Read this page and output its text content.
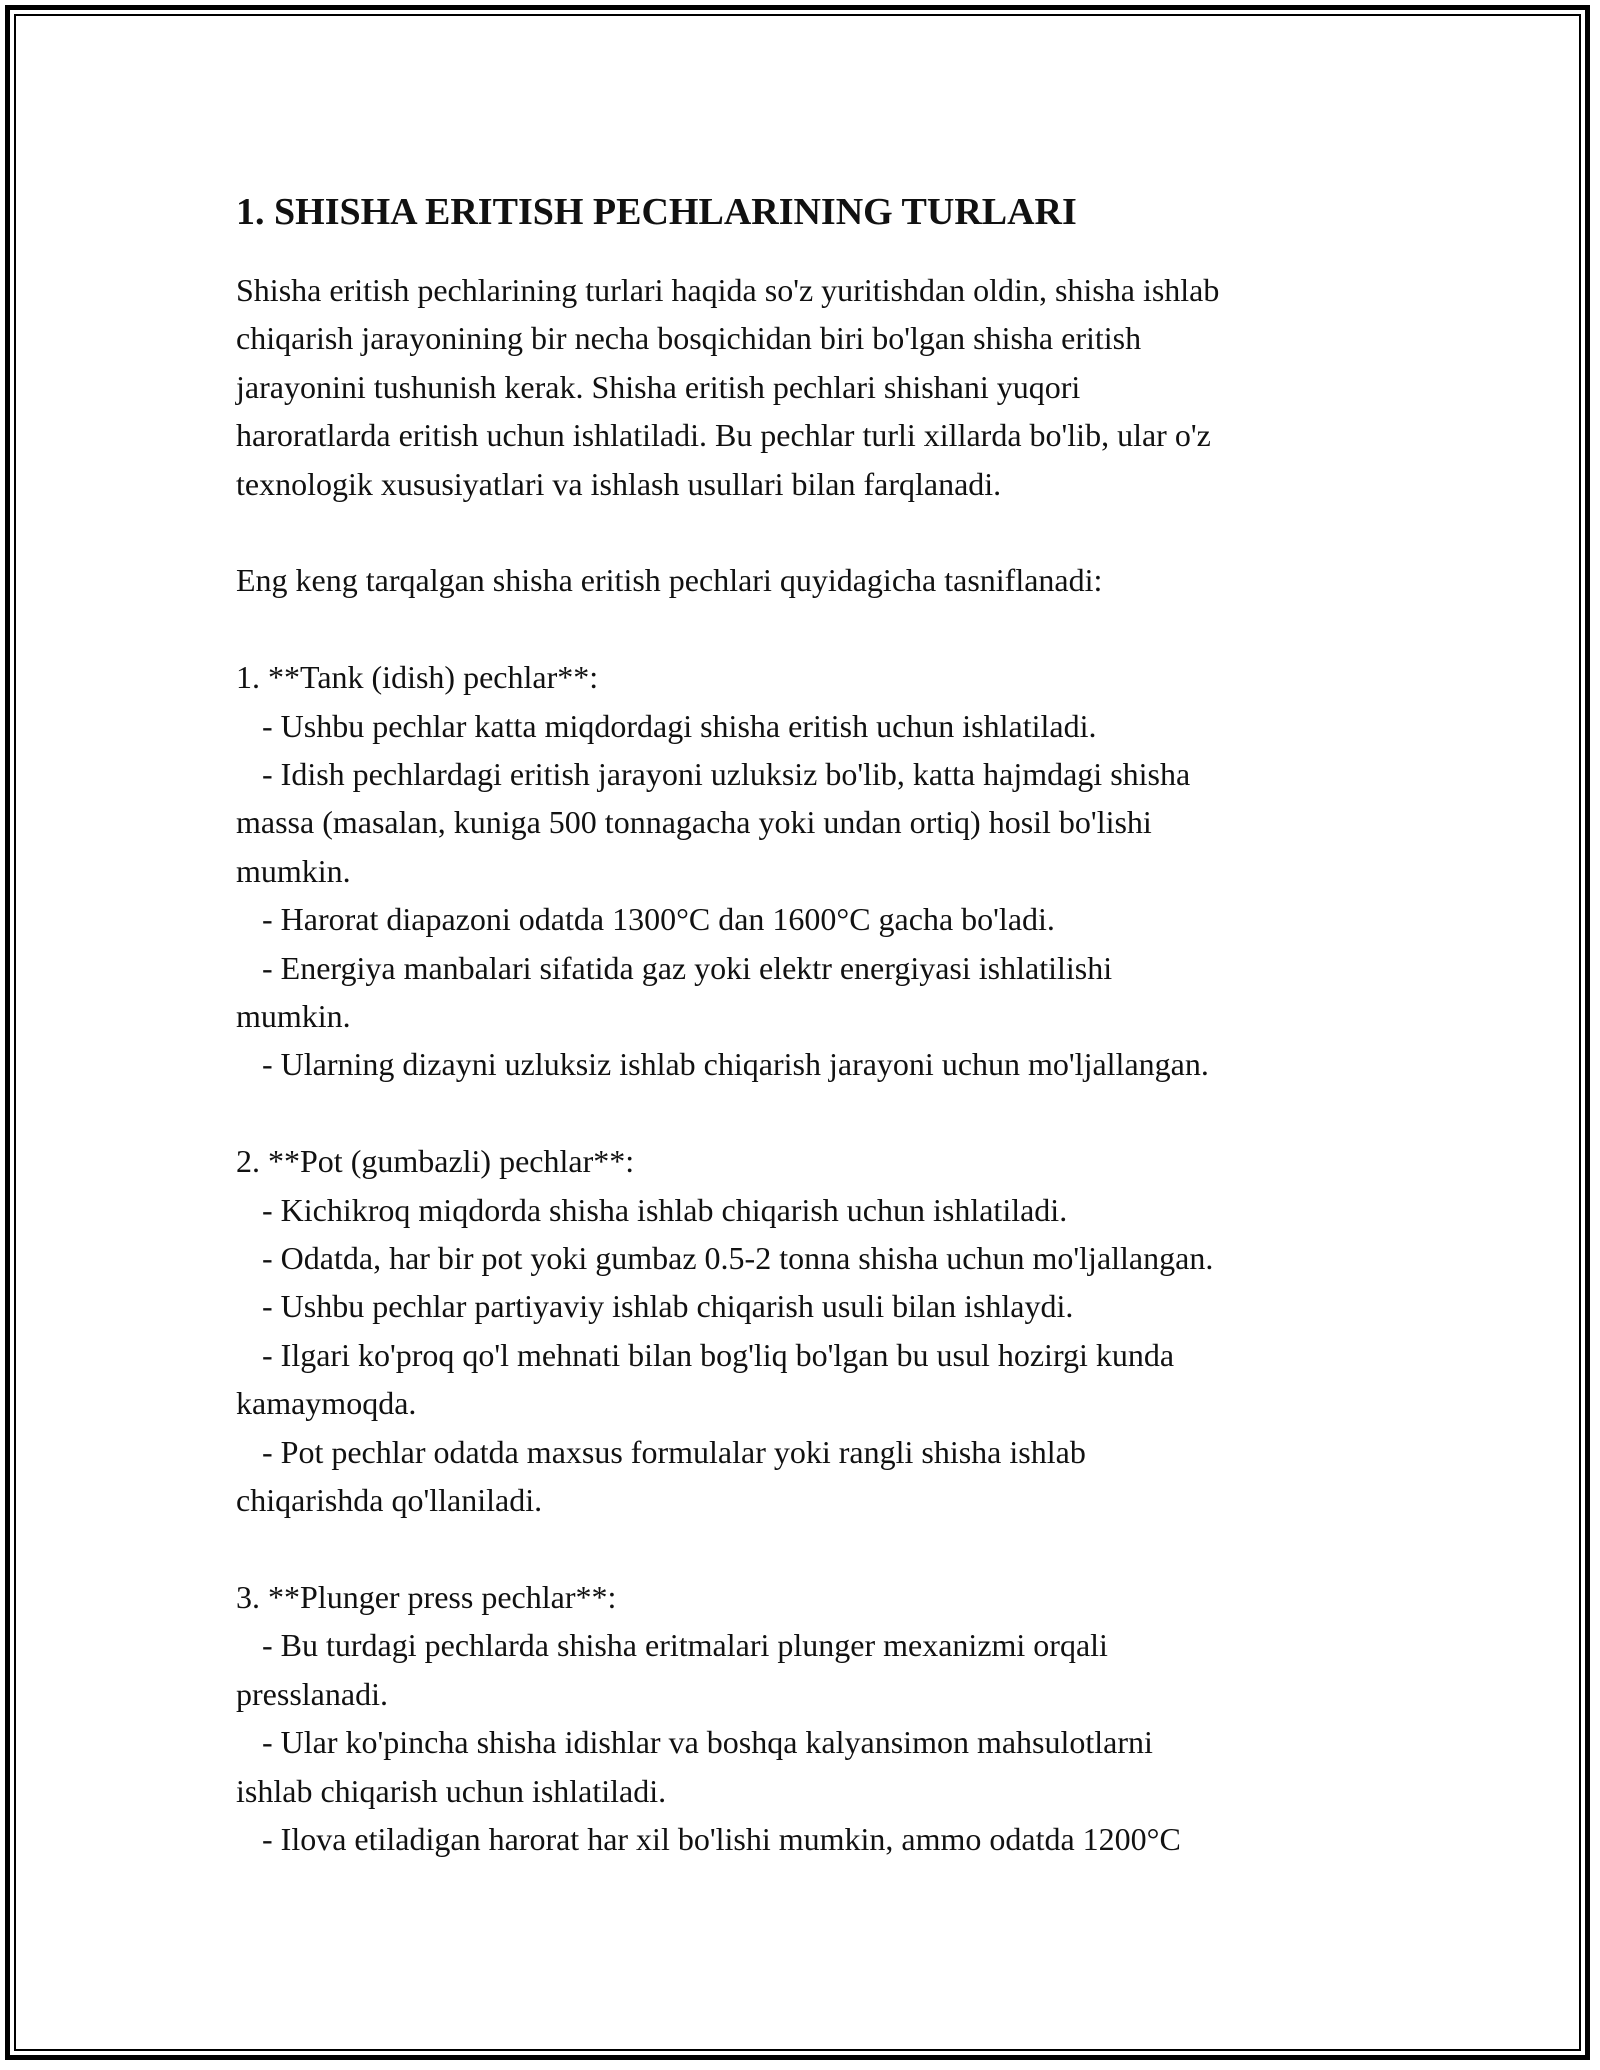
1. SHISHA ERITISH PECHLARINING TURLARI

Shisha eritish pechlarining turlari haqida so'z yuritishdan oldin, shisha ishlab

chiqarish jarayonining bir necha bosqichidan biri bo'lgan shisha eritish

jarayonini tushunish kerak. Shisha eritish pechlari shishani yuqori

haroratlarda eritish uchun ishlatiladi. Bu pechlar turli xillarda bo'lib, ular o'z

texnologik xususiyatlari va ishlash usullari bilan farqlanadi.

Eng keng tarqalgan shisha eritish pechlari quyidagicha tasniflanadi:

1. **Tank (idish) pechlar**:

- Ushbu pechlar katta miqdordagi shisha eritish uchun ishlatiladi.

- Idish pechlardagi eritish jarayoni uzluksiz bo'lib, katta hajmdagi shisha

massa (masalan, kuniga 500 tonnagacha yoki undan ortiq) hosil bo'lishi

mumkin.

- Harorat diapazoni odatda 1300°C dan 1600°C gacha bo'ladi.

- Energiya manbalari sifatida gaz yoki elektr energiyasi ishlatilishi

mumkin.

- Ularning dizayni uzluksiz ishlab chiqarish jarayoni uchun mo'ljallangan.

2. **Pot (gumbazli) pechlar**:

- Kichikroq miqdorda shisha ishlab chiqarish uchun ishlatiladi.

- Odatda, har bir pot yoki gumbaz 0.5-2 tonna shisha uchun mo'ljallangan.

- Ushbu pechlar partiyaviy ishlab chiqarish usuli bilan ishlaydi.

- Ilgari ko'proq qo'l mehnati bilan bog'liq bo'lgan bu usul hozirgi kunda

kamaymoqda.

- Pot pechlar odatda maxsus formulalar yoki rangli shisha ishlab

chiqarishda qo'llaniladi.

3. **Plunger press pechlar**:

- Bu turdagi pechlarda shisha eritmalari plunger mexanizmi orqali

presslanadi.

- Ular ko'pincha shisha idishlar va boshqa kalyansimon mahsulotlarni

ishlab chiqarish uchun ishlatiladi.

- Ilova etiladigan harorat har xil bo'lishi mumkin, ammo odatda 1200°C
